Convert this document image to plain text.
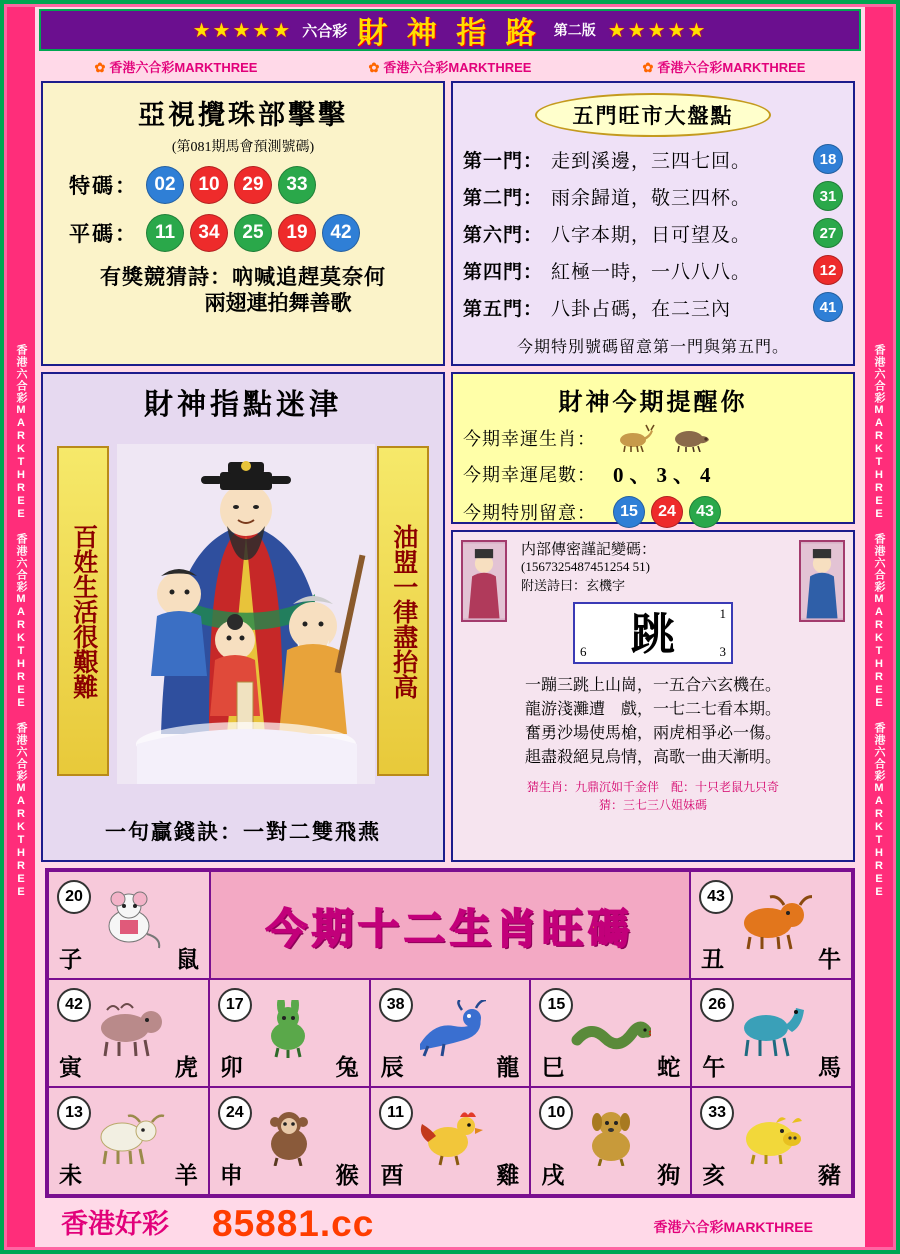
香港六合彩MARKTHREE　香港六合彩MARKTHREE　香港六合彩MARKTHREE　	香港六合彩MARKTHREE　香港六合彩MARKTHREE　香港六合彩MARKTHREE　
★★★★★ 六合彩 財 神 指 路 第二版 ★★★★★
✿ 香港六合彩MARKTHREE	✿ 香港六合彩MARKTHREE	✿ 香港六合彩MARKTHREE
亞視攪珠部擊擊
(第081期馬會預測號碼)
特碼： 02	10	29	33
平碼： 11	34	25	19	42
有獎競猜詩：吶喊追趕莫奈何
兩翅連拍舞善歌
財神指點迷津
百姓生活很艱難	油盟一律盡抬高
一句贏錢訣：一對二雙飛燕
五門旺市大盤點
第一門： 走到溪邊，三四七回。	18
第二門： 雨余歸道，敬三四杯。	31
第六門： 八字本期，日可望及。	27
第四門： 紅極一時，一八八八。	12
第五門： 八卦占碼，在二三內	41
今期特別號碼留意第一門與第五門。
財神今期提醒你
今期幸運生肖：
今期幸運尾數： 0、3、4
今期特別留意：	15	24	43
内部傳密謹記變碼：
(1567325487451254 51)
附送詩曰：玄機字
1
6	3
跳
一蹦三跳上山崗，一五合六玄機在。
龍游淺灘遭　戲，一七二七看本期。
奮勇沙場使馬槍，兩虎相爭必一傷。
趄盡殺絕見烏情，高歌一曲天漸明。
猜生肖：九鼎沉如千金伴　配：十只老鼠九只奇
猜：三七三八姐妹碼
20
子	鼠
今期十二生肖旺碼
43
丑	牛
42
寅	虎
17
卯	兔
38
辰	龍
15
巳	蛇
26
午	馬
13
未	羊
24
申	猴
11
酉	雞
10
戌	狗
33
亥	豬
香港好彩 85881.cc	香港六合彩MARKTHREE
